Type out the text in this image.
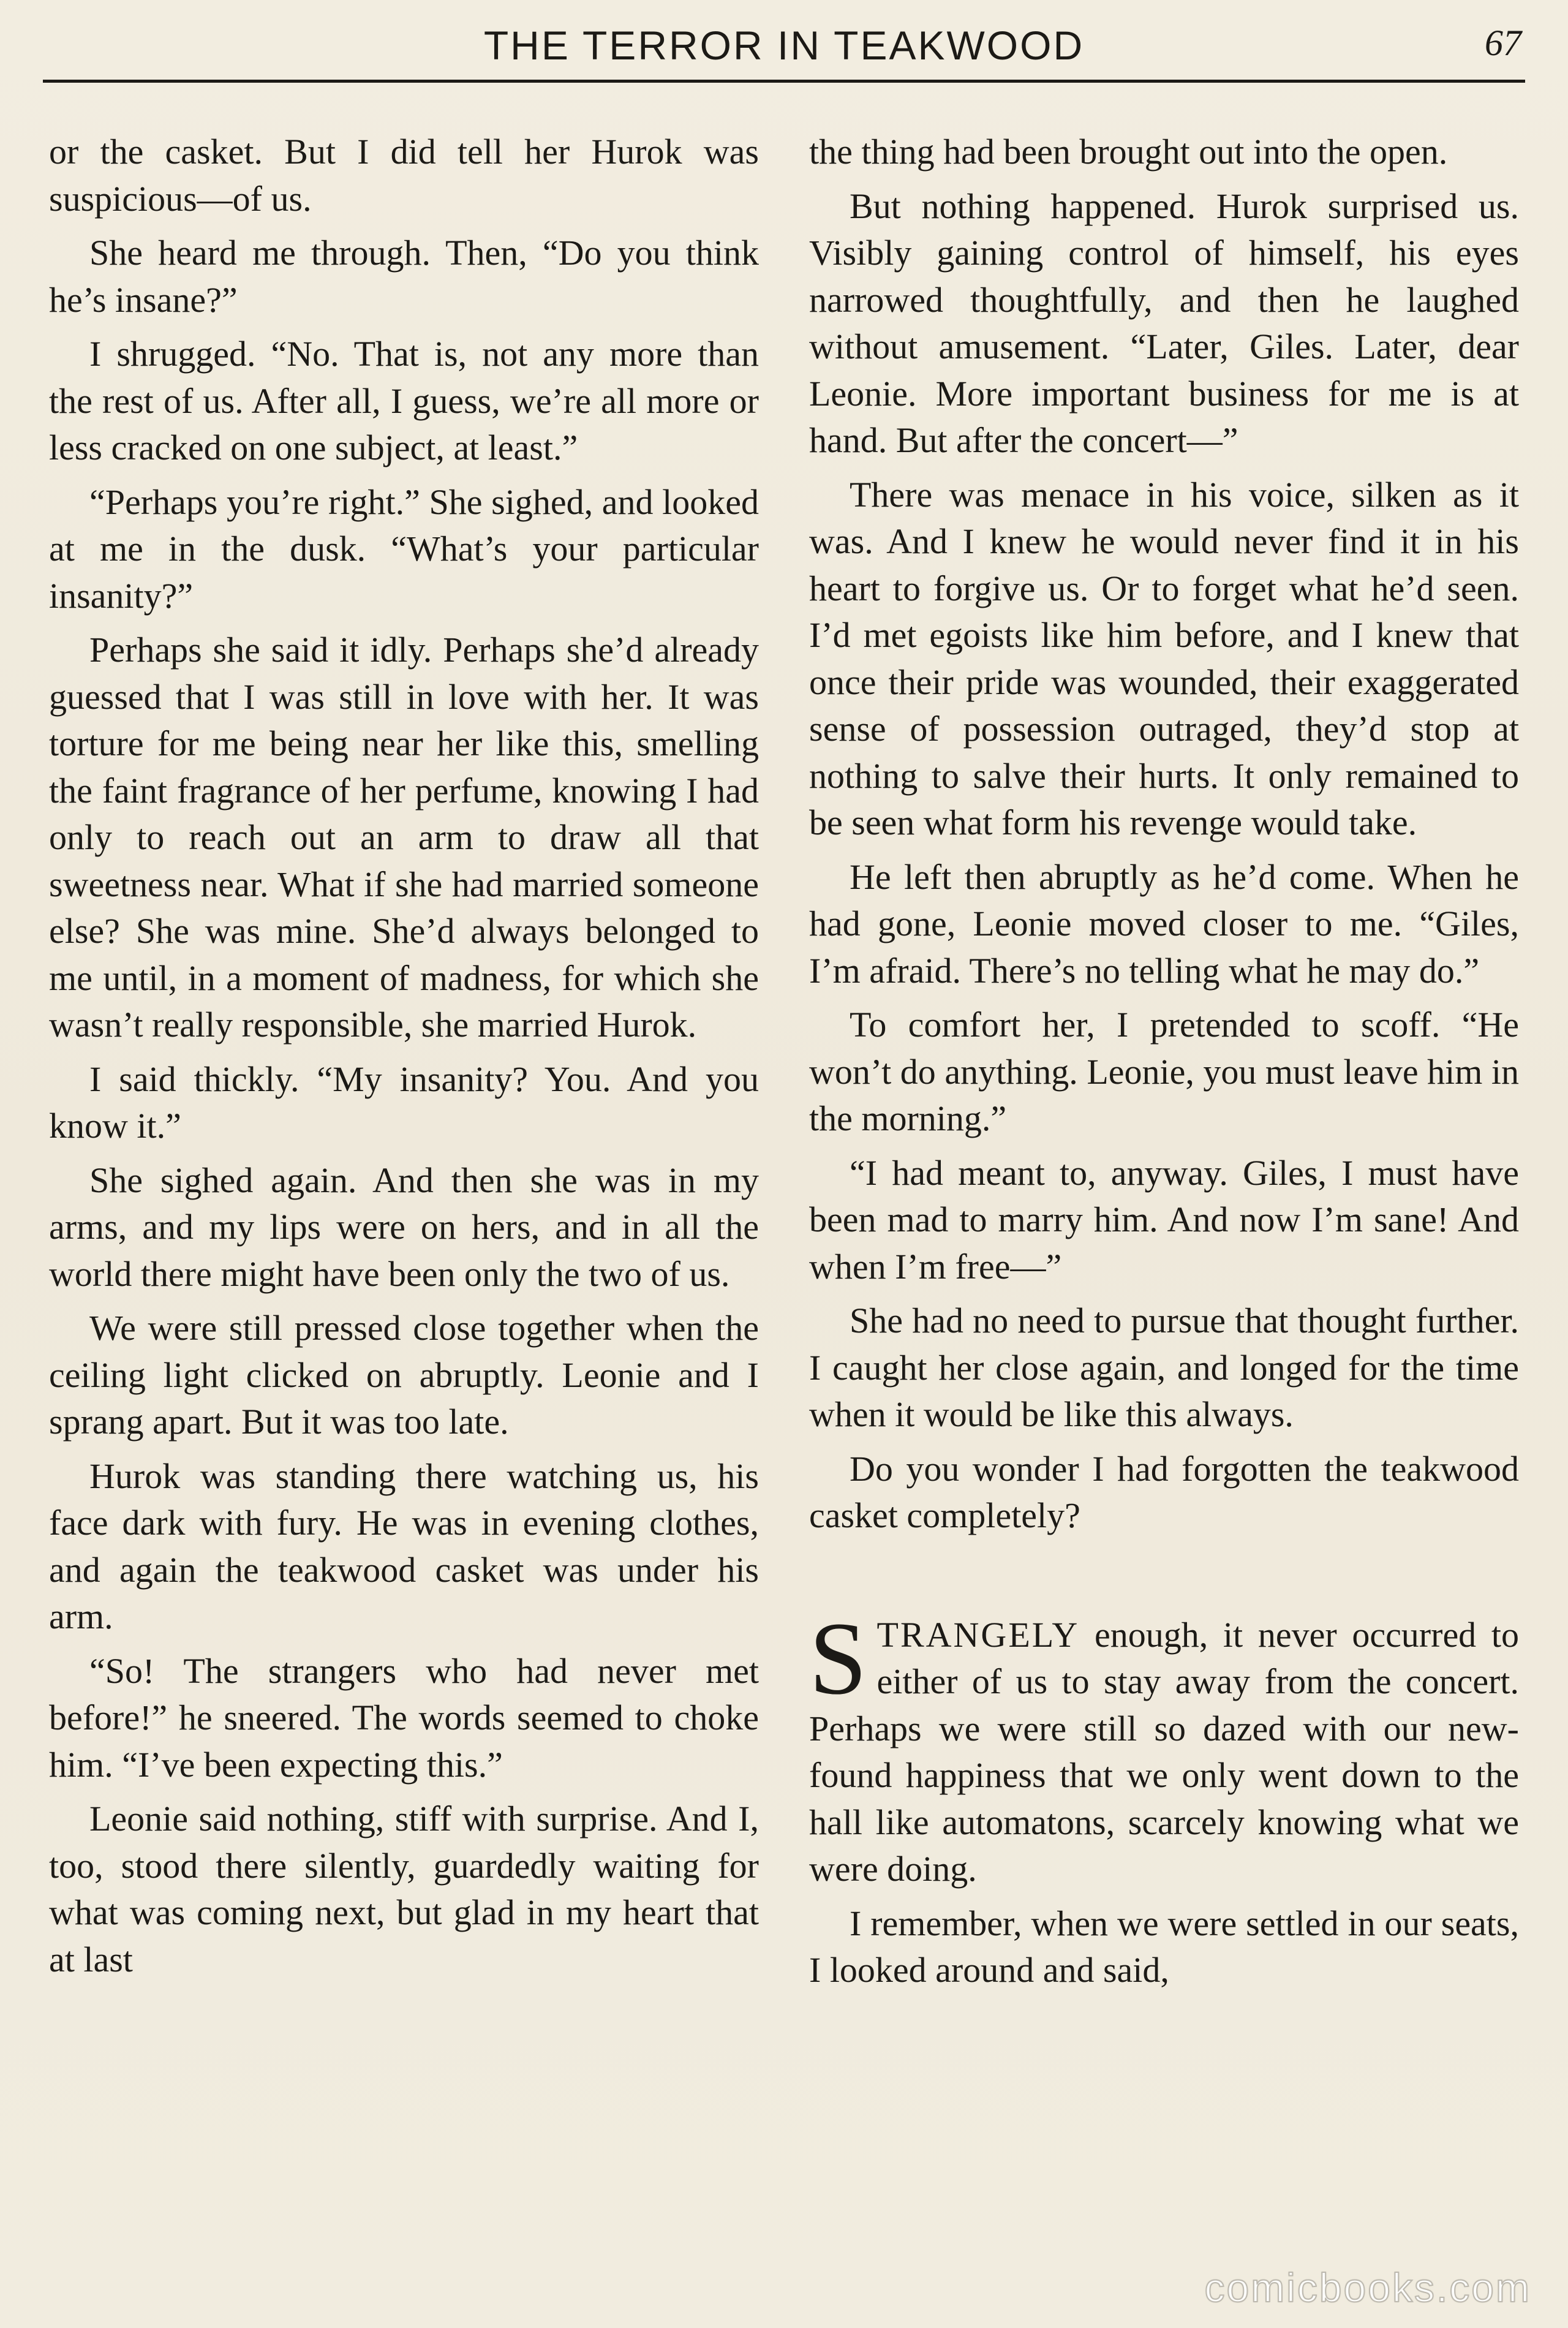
THE TERROR IN TEAKWOOD	67

or the casket. But I did tell her Hurok was suspicious—of us.

She heard me through. Then, “Do you think he’s insane?”

I shrugged. “No. That is, not any more than the rest of us. After all, I guess, we’re all more or less cracked on one subject, at least.”

“Perhaps you’re right.” She sighed, and looked at me in the dusk. “What’s your particular insanity?”

Perhaps she said it idly. Perhaps she’d already guessed that I was still in love with her. It was torture for me being near her like this, smelling the faint fragrance of her perfume, knowing I had only to reach out an arm to draw all that sweetness near. What if she had married someone else? She was mine. She’d always belonged to me until, in a moment of madness, for which she wasn’t really responsible, she married Hurok.

I said thickly. “My insanity? You. And you know it.”

She sighed again. And then she was in my arms, and my lips were on hers, and in all the world there might have been only the two of us.

We were still pressed close together when the ceiling light clicked on abruptly. Leonie and I sprang apart. But it was too late.

Hurok was standing there watching us, his face dark with fury. He was in evening clothes, and again the teakwood casket was under his arm.

“So! The strangers who had never met before!” he sneered. The words seemed to choke him. “I’ve been expecting this.”

Leonie said nothing, stiff with surprise. And I, too, stood there silently, guardedly waiting for what was coming next, but glad in my heart that at last

the thing had been brought out into the open.

But nothing happened. Hurok surprised us. Visibly gaining control of himself, his eyes narrowed thoughtfully, and then he laughed without amusement. “Later, Giles. Later, dear Leonie. More important business for me is at hand. But after the concert—”

There was menace in his voice, silken as it was. And I knew he would never find it in his heart to forgive us. Or to forget what he’d seen. I’d met egoists like him before, and I knew that once their pride was wounded, their exaggerated sense of possession outraged, they’d stop at nothing to salve their hurts. It only remained to be seen what form his revenge would take.

He left then abruptly as he’d come. When he had gone, Leonie moved closer to me. “Giles, I’m afraid. There’s no telling what he may do.”

To comfort her, I pretended to scoff. “He won’t do anything. Leonie, you must leave him in the morning.”

“I had meant to, anyway. Giles, I must have been mad to marry him. And now I’m sane! And when I’m free—”

She had no need to pursue that thought further. I caught her close again, and longed for the time when it would be like this always.

Do you wonder I had forgotten the teakwood casket completely?

STRANGELY enough, it never occurred to either of us to stay away from the concert. Perhaps we were still so dazed with our new-found happiness that we only went down to the hall like automatons, scarcely knowing what we were doing.

I remember, when we were settled in our seats, I looked around and said,

comicbooks.com
